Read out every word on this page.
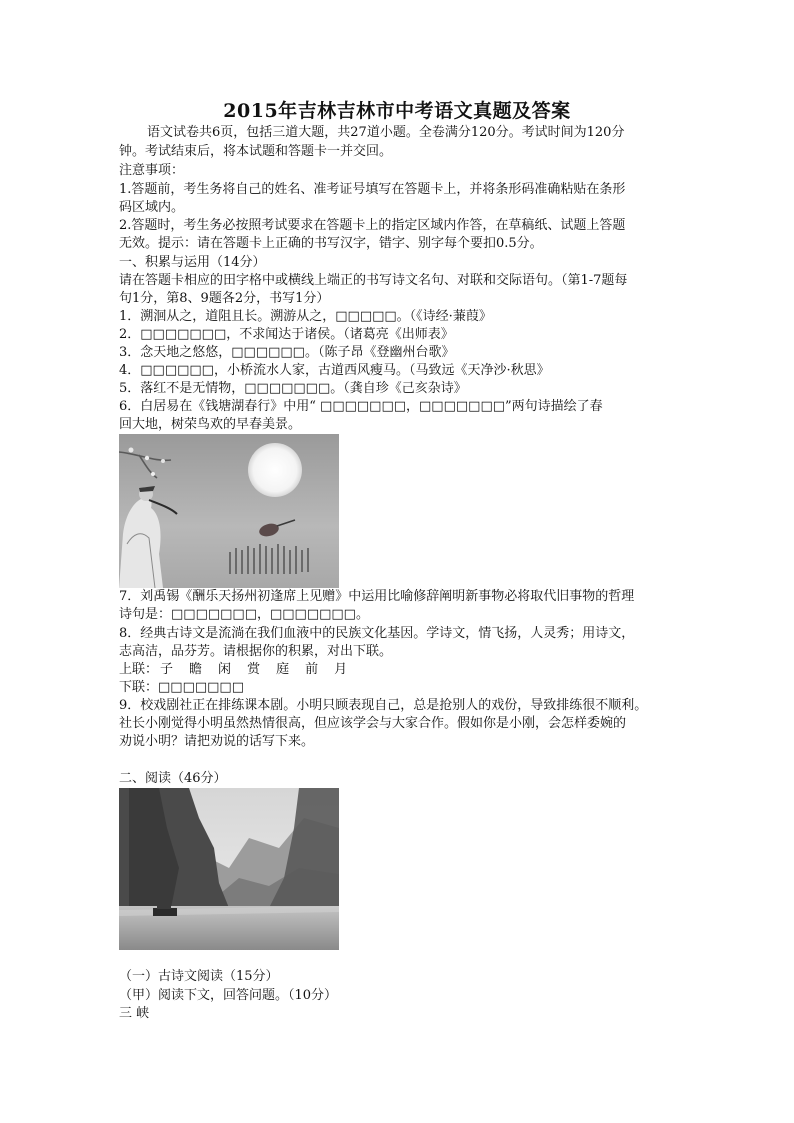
2015年吉林吉林市中考语文真题及答案
语文试卷共6页，包括三道大题，共27道小题。全卷满分120分。考试时间为120分
钟。考试结束后，将本试题和答题卡一并交回。
注意事项：
1.答题前，考生务将自己的姓名、准考证号填写在答题卡上，并将条形码准确粘贴在条形
码区域内。
2.答题时，考生务必按照考试要求在答题卡上的指定区域内作答，在草稿纸、试题上答题
无效。提示：请在答题卡上正确的书写汉字，错字、别字每个要扣0.5分。
一、积累与运用（14分）
请在答题卡相应的田字格中或横线上端正的书写诗文名句、对联和交际语句。（第1-7题每
句1分，第8、9题各2分，书写1分）
1．溯洄从之，道阻且长。溯游从之，□□□□□。（《诗经·蒹葭》
2．□□□□□□□，不求闻达于诸侯。（诸葛亮《出师表》
3．念天地之悠悠，□□□□□□。（陈子昂《登幽州台歌》
4．□□□□□□，小桥流水人家，古道西风瘦马。（马致远《天净沙·秋思》
5．落红不是无情物，□□□□□□□。（龚自珍《己亥杂诗》
6．白居易在《钱塘湖春行》中用“ □□□□□□□，□□□□□□□”两句诗描绘了春
回大地，树荣鸟欢的早春美景。
7．刘禹锡《酬乐天扬州初逢席上见赠》中运用比喻修辞阐明新事物必将取代旧事物的哲理
诗句是：□□□□□□□，□□□□□□□。
8．经典古诗文是流淌在我们血液中的民族文化基因。学诗文，情飞扬，人灵秀；用诗文，
志高洁，品芬芳。请根据你的积累，对出下联。
上联： 子 瞻 闲 赏 庭 前 月
下联：□□□□□□□
9．校戏剧社正在排练课本剧。小明只顾表现自己，总是抢别人的戏份，导致排练很不顺利。
社长小刚觉得小明虽然热情很高，但应该学会与大家合作。假如你是小刚，会怎样委婉的
劝说小明？请把劝说的话写下来。
二、阅读（46分）
（一）古诗文阅读（15分）
（甲）阅读下文，回答问题。（10分）
三 峡
